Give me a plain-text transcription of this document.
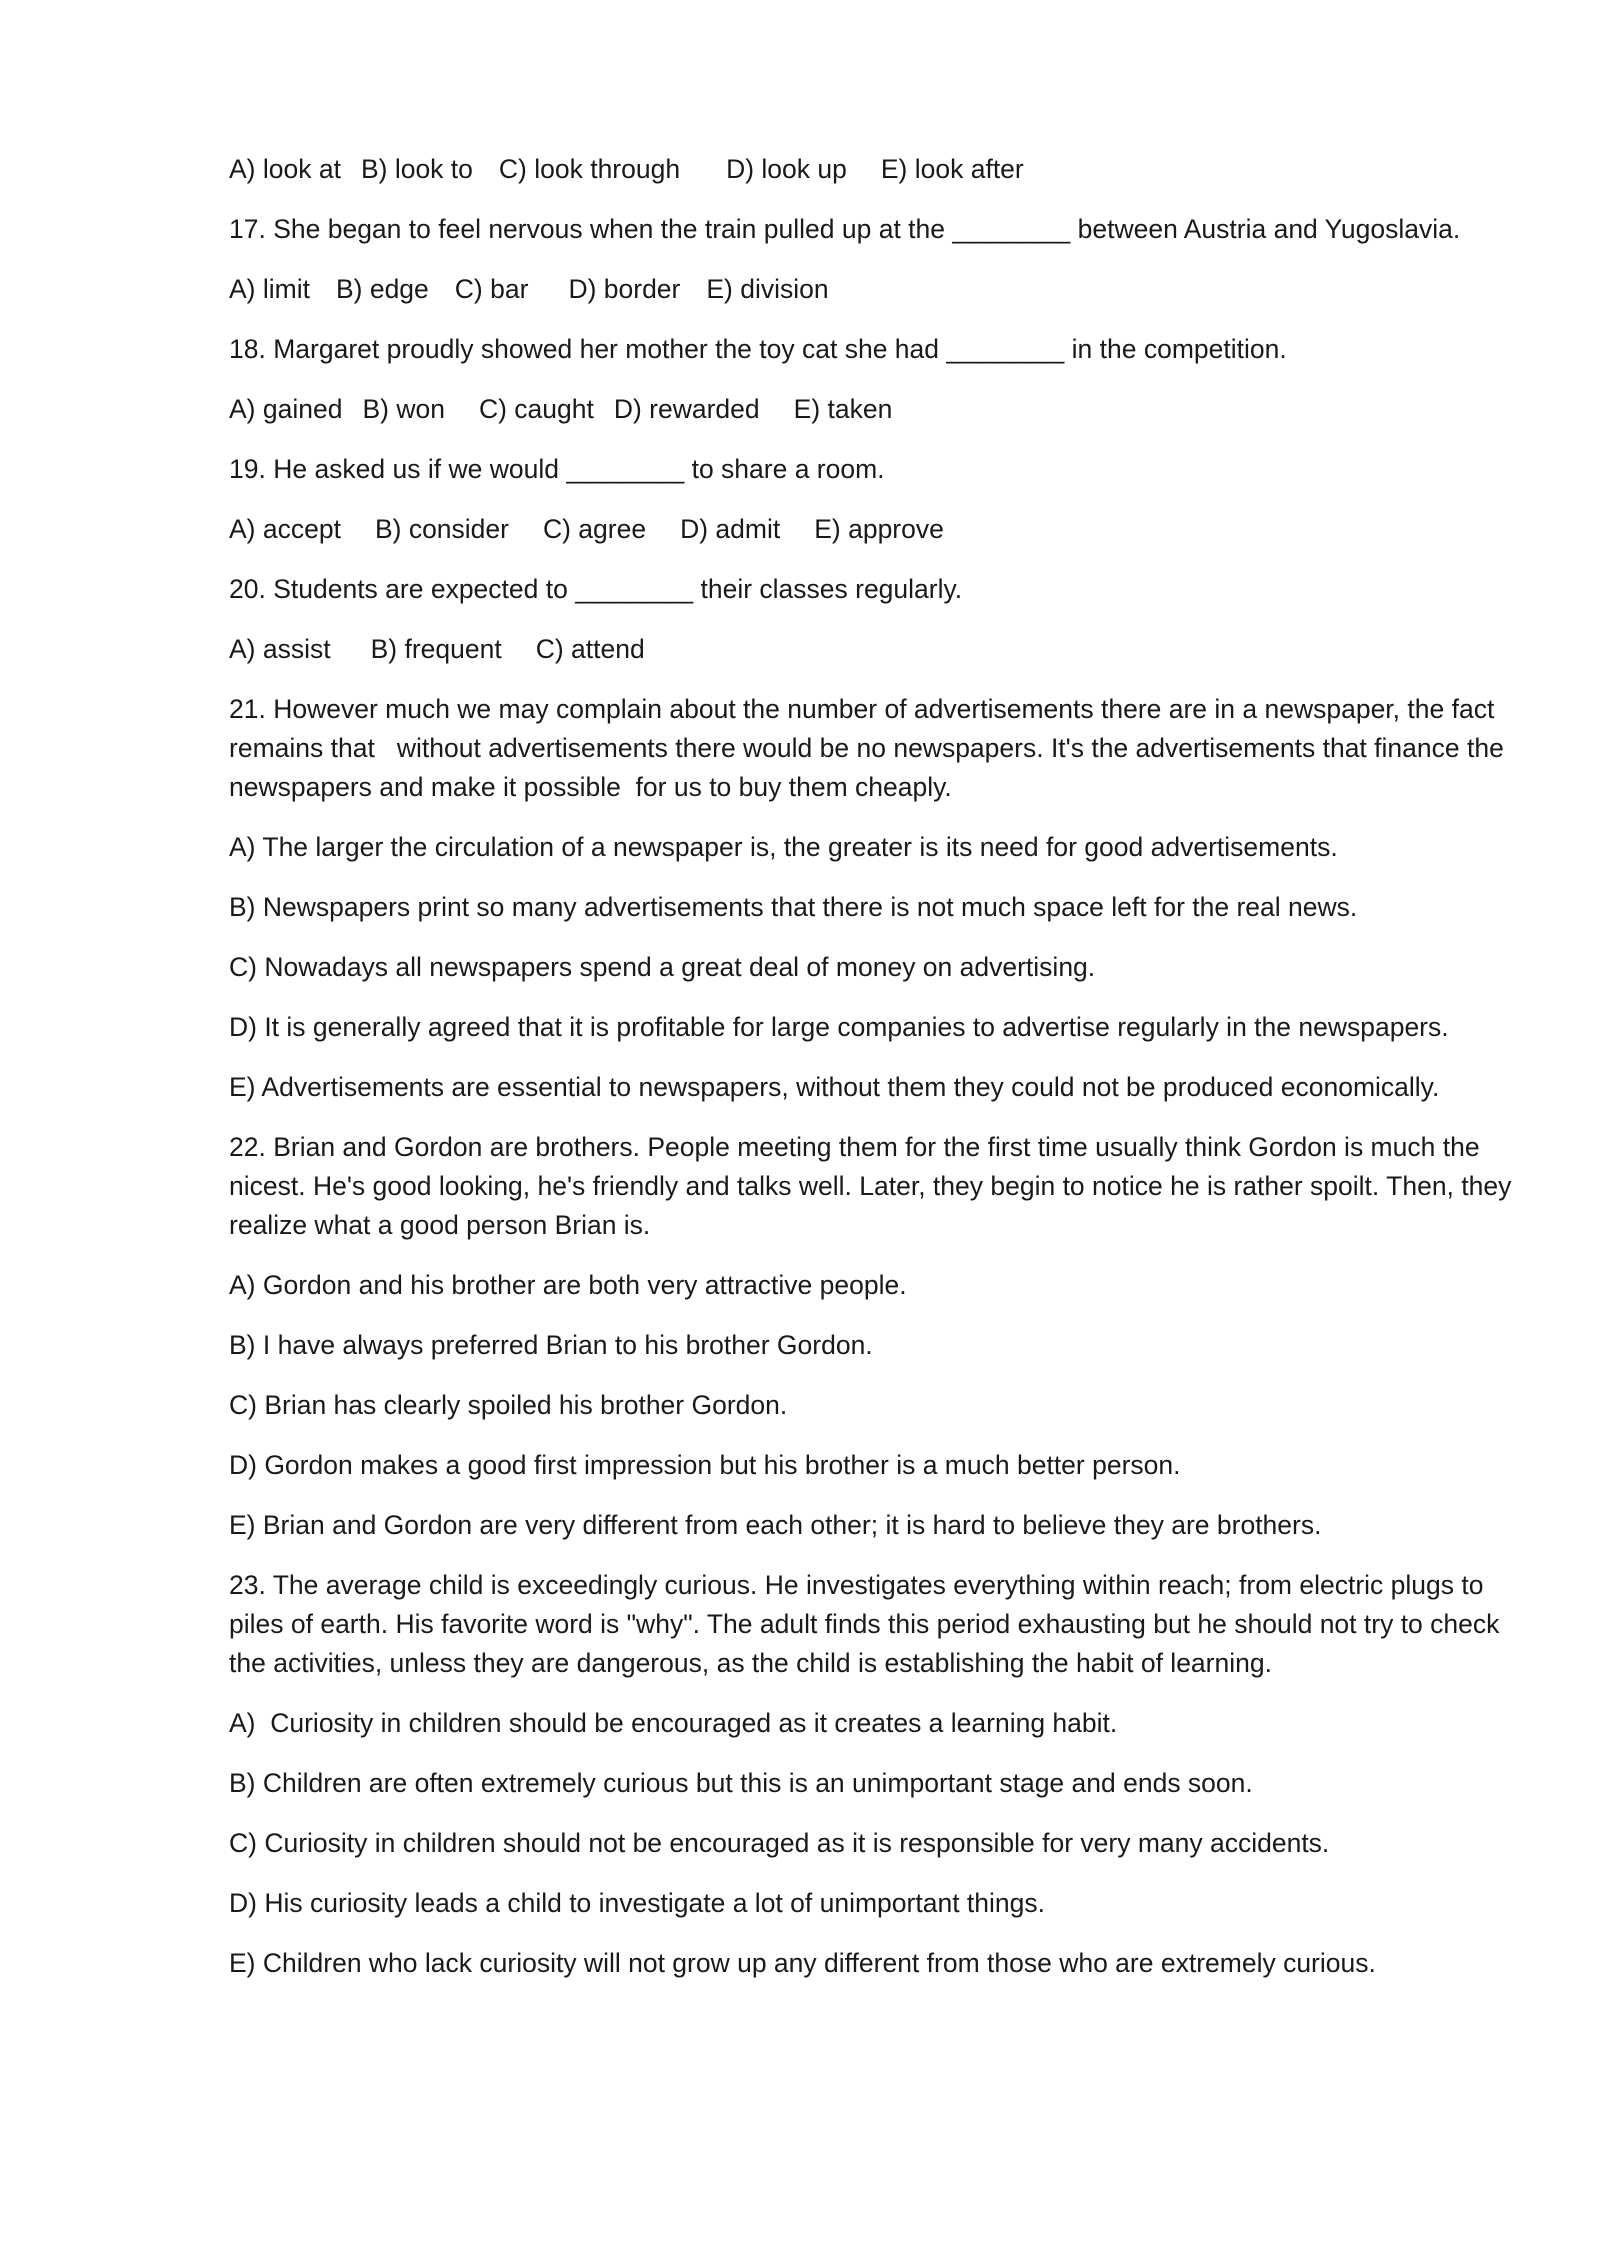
A) look at B) look to C) look through D) look up E) look after
17. She began to feel nervous when the train pulled up at the ________ between Austria and Yugoslavia.
A) limit B) edge C) bar D) border E) division
18. Margaret proudly showed her mother the toy cat she had ________ in the competition.
A) gained B) won C) caught D) rewarded E) taken
19. He asked us if we would ________ to share a room.
A) accept B) consider C) agree D) admit E) approve
20. Students are expected to ________ their classes regularly.
A) assist B) frequent C) attend
21. However much we may complain about the number of advertisements there are in a newspaper, the fact remains that   without advertisements there would be no newspapers. It's the advertisements that finance the newspapers and make it possible  for us to buy them cheaply.
A) The larger the circulation of a newspaper is, the greater is its need for good advertisements.
B) Newspapers print so many advertisements that there is not much space left for the real news.
C) Nowadays all newspapers spend a great deal of money on advertising.
D) It is generally agreed that it is profitable for large companies to advertise regularly in the newspapers.
E) Advertisements are essential to newspapers, without them they could not be produced economically.
22. Brian and Gordon are brothers. People meeting them for the first time usually think Gordon is much the nicest. He's good looking, he's friendly and talks well. Later, they begin to notice he is rather spoilt. Then, they realize what a good person Brian is.
A) Gordon and his brother are both very attractive people.
B) I have always preferred Brian to his brother Gordon.
C) Brian has clearly spoiled his brother Gordon.
D) Gordon makes a good first impression but his brother is a much better person.
E) Brian and Gordon are very different from each other; it is hard to believe they are brothers.
23. The average child is exceedingly curious. He investigates everything within reach; from electric plugs to piles of earth. His favorite word is "why". The adult finds this period exhausting but he should not try to check the activities, unless they are dangerous, as the child is establishing the habit of learning.
A)  Curiosity in children should be encouraged as it creates a learning habit.
B) Children are often extremely curious but this is an unimportant stage and ends soon.
C) Curiosity in children should not be encouraged as it is responsible for very many accidents.
D) His curiosity leads a child to investigate a lot of unimportant things.
E) Children who lack curiosity will not grow up any different from those who are extremely curious.
